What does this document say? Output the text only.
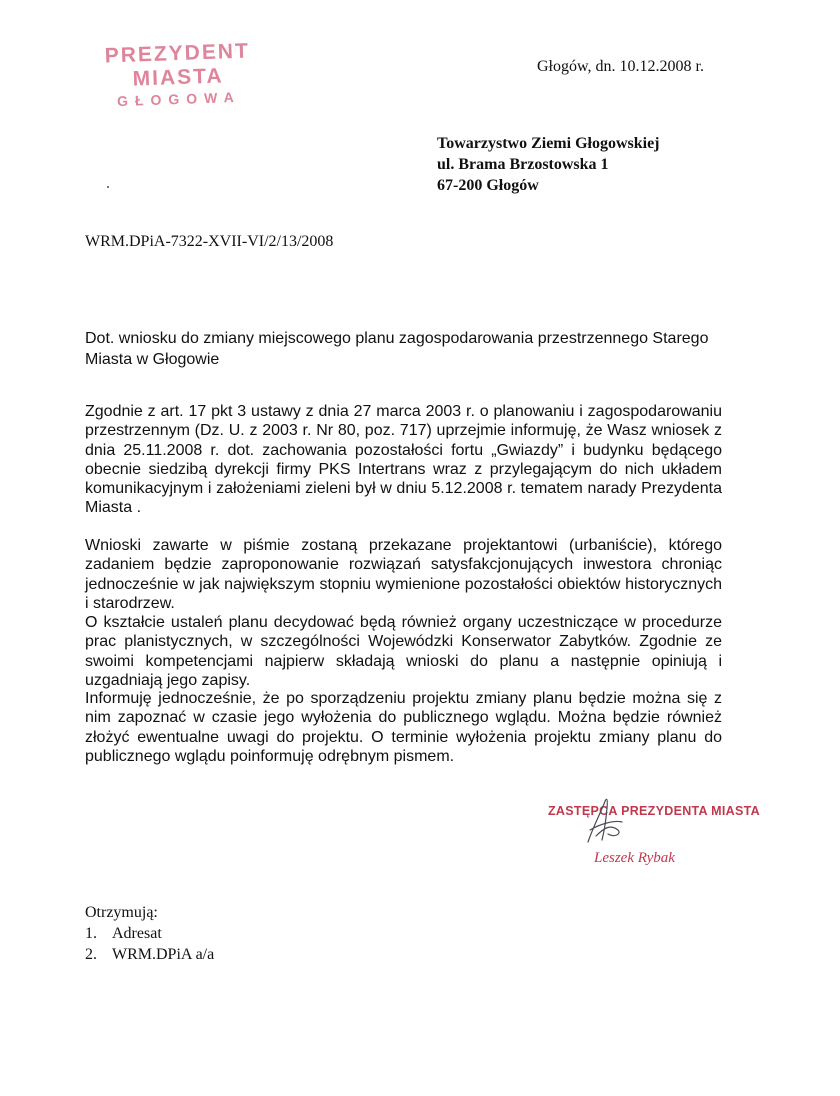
PREZYDENT MIASTA
GŁOGOWA
Głogów, dn. 10.12.2008 r.
Towarzystwo Ziemi Głogowskiej
ul. Brama Brzostowska 1
67-200 Głogów
WRM.DPiA-7322-XVII-VI/2/13/2008
Dot. wniosku do zmiany miejscowego planu zagospodarowania przestrzennego Starego Miasta w Głogowie
Zgodnie z art. 17 pkt 3 ustawy z dnia 27 marca 2003 r. o planowaniu i zagospodarowaniu przestrzennym (Dz. U. z 2003 r. Nr 80, poz. 717) uprzejmie informuję, że Wasz wniosek z dnia 25.11.2008 r. dot. zachowania pozostałości fortu „Gwiazdy” i budynku będącego obecnie siedzibą dyrekcji firmy PKS Intertrans wraz z przylegającym do nich układem komunikacyjnym i założeniami zieleni był w dniu 5.12.2008 r. tematem narady Prezydenta Miasta .
Wnioski zawarte w piśmie zostaną przekazane projektantowi (urbaniście), którego zadaniem będzie zaproponowanie rozwiązań satysfakcjonujących inwestora chroniąc jednocześnie w jak największym stopniu wymienione pozostałości obiektów historycznych i starodrzew.
O kształcie ustaleń planu decydować będą również organy uczestniczące w procedurze prac planistycznych, w szczególności Wojewódzki Konserwator Zabytków. Zgodnie ze swoimi kompetencjami najpierw składają wnioski do planu a następnie opiniują i uzgadniają jego zapisy.
Informuję jednocześnie, że po sporządzeniu projektu zmiany planu będzie można się z nim zapoznać w czasie jego wyłożenia do publicznego wglądu. Można będzie również złożyć ewentualne uwagi do projektu. O terminie wyłożenia projektu zmiany planu do publicznego wglądu poinformuję odrębnym pismem.
ZASTĘPCA PREZYDENTA MIASTA
Leszek Rybak
Otrzymują:
1. Adresat
2. WRM.DPiA a/a
